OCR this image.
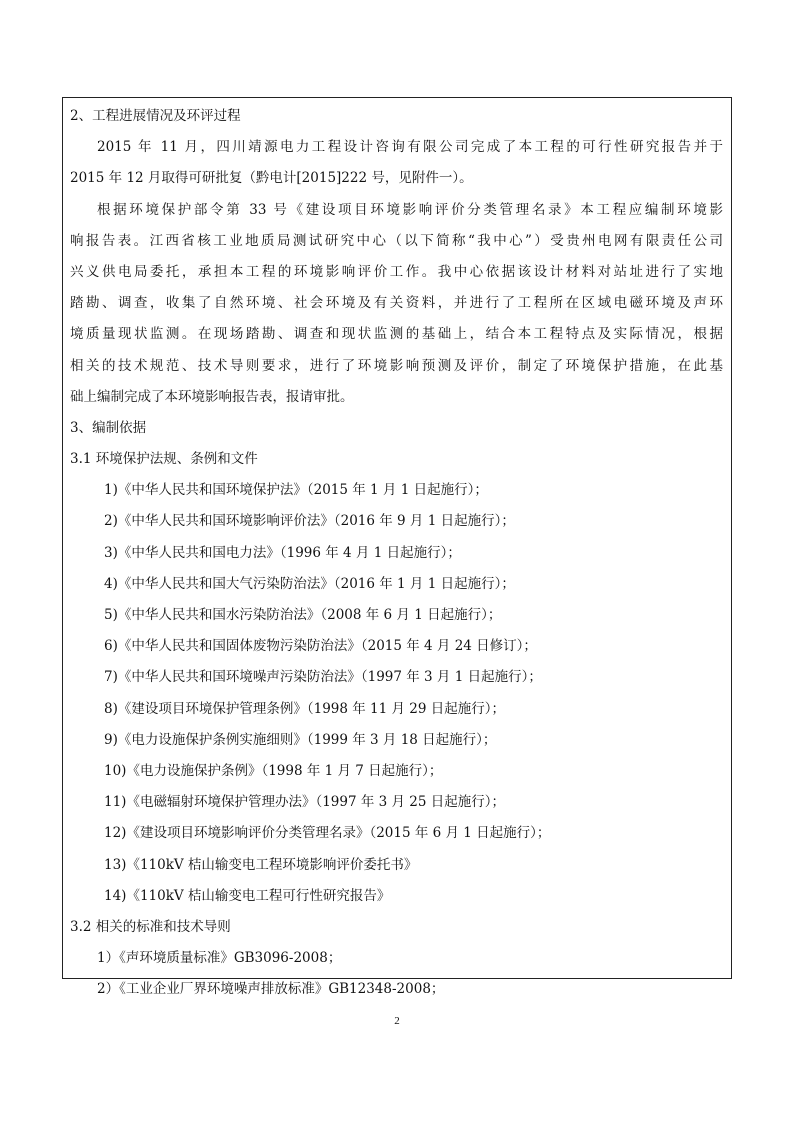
2、工程进展情况及环评过程
2015 年 11 月，四川靖源电力工程设计咨询有限公司完成了本工程的可行性研究报告并于
2015 年 12 月取得可研批复（黔电计[2015]222 号，见附件一）。
根据环境保护部令第 33 号《建设项目环境影响评价分类管理名录》本工程应编制环境影
响报告表。江西省核工业地质局测试研究中心（以下简称“我中心”）受贵州电网有限责任公司
兴义供电局委托，承担本工程的环境影响评价工作。我中心依据该设计材料对站址进行了实地
踏勘、调查，收集了自然环境、社会环境及有关资料，并进行了工程所在区域电磁环境及声环
境质量现状监测。在现场踏勘、调查和现状监测的基础上，结合本工程特点及实际情况，根据
相关的技术规范、技术导则要求，进行了环境影响预测及评价，制定了环境保护措施，在此基
础上编制完成了本环境影响报告表，报请审批。
3、编制依据
3.1 环境保护法规、条例和文件
1)《中华人民共和国环境保护法》（2015 年 1 月 1 日起施行）；
2)《中华人民共和国环境影响评价法》（2016 年 9 月 1 日起施行）；
3)《中华人民共和国电力法》（1996 年 4 月 1 日起施行）；
4)《中华人民共和国大气污染防治法》（2016 年 1 月 1 日起施行）；
5)《中华人民共和国水污染防治法》（2008 年 6 月 1 日起施行）；
6)《中华人民共和国固体废物污染防治法》（2015 年 4 月 24 日修订）；
7)《中华人民共和国环境噪声污染防治法》（1997 年 3 月 1 日起施行）；
8)《建设项目环境保护管理条例》（1998 年 11 月 29 日起施行）；
9)《电力设施保护条例实施细则》（1999 年 3 月 18 日起施行）；
10)《电力设施保护条例》（1998 年 1 月 7 日起施行）；
11)《电磁辐射环境保护管理办法》（1997 年 3 月 25 日起施行）；
12)《建设项目环境影响评价分类管理名录》（2015 年 6 月 1 日起施行）；
13)《110kV 桔山输变电工程环境影响评价委托书》
14)《110kV 桔山输变电工程可行性研究报告》
3.2 相关的标准和技术导则
1）《声环境质量标准》GB3096-2008；
2）《工业企业厂界环境噪声排放标准》GB12348-2008；
2
